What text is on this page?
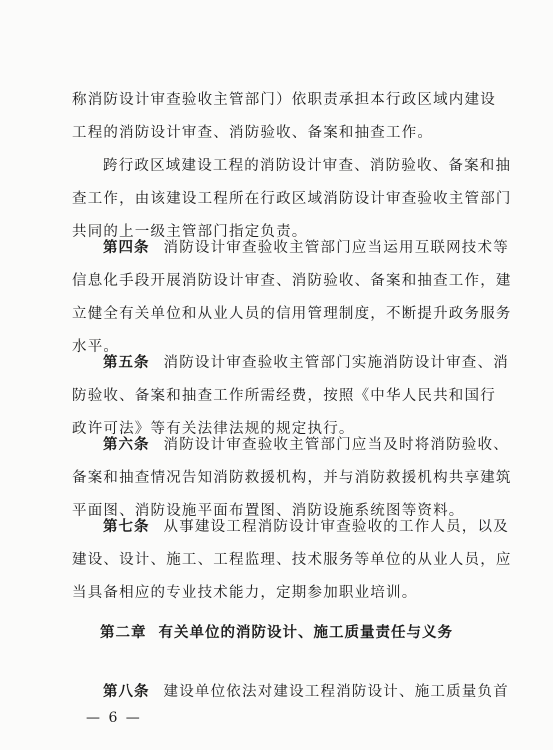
称消防设计审查验收主管部门）依职责承担本行政区域内建设
工程的消防设计审查、消防验收、备案和抽查工作。
跨行政区域建设工程的消防设计审查、消防验收、备案和抽
查工作，由该建设工程所在行政区域消防设计审查验收主管部门
共同的上一级主管部门指定负责。
第四条 消防设计审查验收主管部门应当运用互联网技术等
信息化手段开展消防设计审查、消防验收、备案和抽查工作，建
立健全有关单位和从业人员的信用管理制度，不断提升政务服务
水平。
第五条 消防设计审查验收主管部门实施消防设计审查、消
防验收、备案和抽查工作所需经费，按照《中华人民共和国行
政许可法》等有关法律法规的规定执行。
第六条 消防设计审查验收主管部门应当及时将消防验收、
备案和抽查情况告知消防救援机构，并与消防救援机构共享建筑
平面图、消防设施平面布置图、消防设施系统图等资料。
第七条 从事建设工程消防设计审查验收的工作人员，以及
建设、设计、施工、工程监理、技术服务等单位的从业人员，应
当具备相应的专业技术能力，定期参加职业培训。
第二章 有关单位的消防设计、施工质量责任与义务
第八条 建设单位依法对建设工程消防设计、施工质量负首
— 6 —
